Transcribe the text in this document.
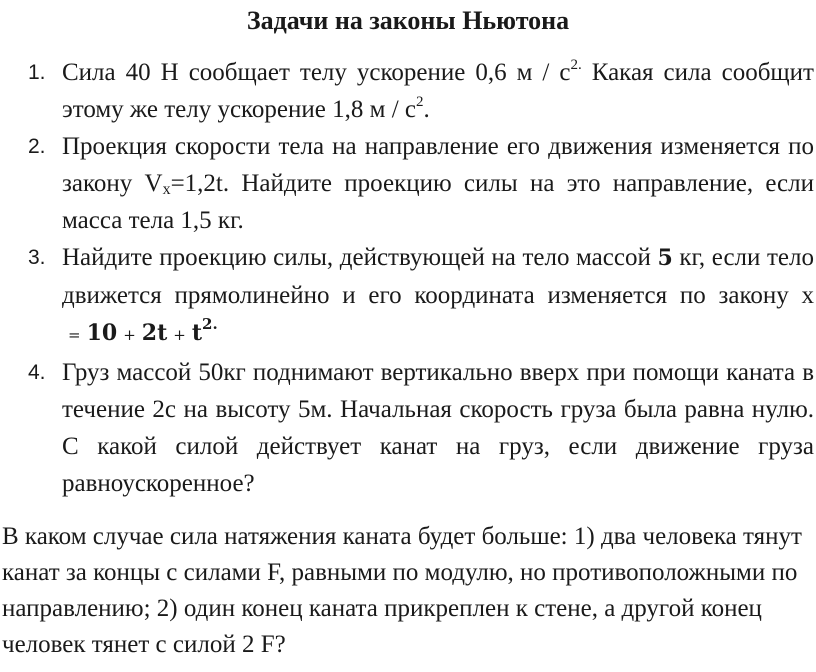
Задачи на законы Ньютона
1. Сила 40 Н сообщает телу ускорение 0,6 м / $с^{2.}$ Какая сила сообщит этому же телу ускорение 1,8 м / $с^2$.
2. Проекция скорости тела на направление его движения изменяется по закону $V_x=1,2t$. Найдите проекцию силы на это направление, если масса тела 1,5 кг.
3. Найдите проекцию силы, действующей на тело массой 5 кг, если тело движется прямолинейно и его координата изменяется по закону $x = 10 + 2t + t^{2.}$
4. Груз массой 50кг поднимают вертикально вверх при помощи каната в течение 2с на высоту 5м. Начальная скорость груза была равна нулю. С какой силой действует канат на груз, если движение груза равноускоренное?

В каком случае сила натяжения каната будет больше: 1) два человека тянут канат за концы с силами F, равными по модулю, но противоположными по направлению; 2) один конец каната прикреплен к стене, а другой конец человек тянет с силой 2 F?
